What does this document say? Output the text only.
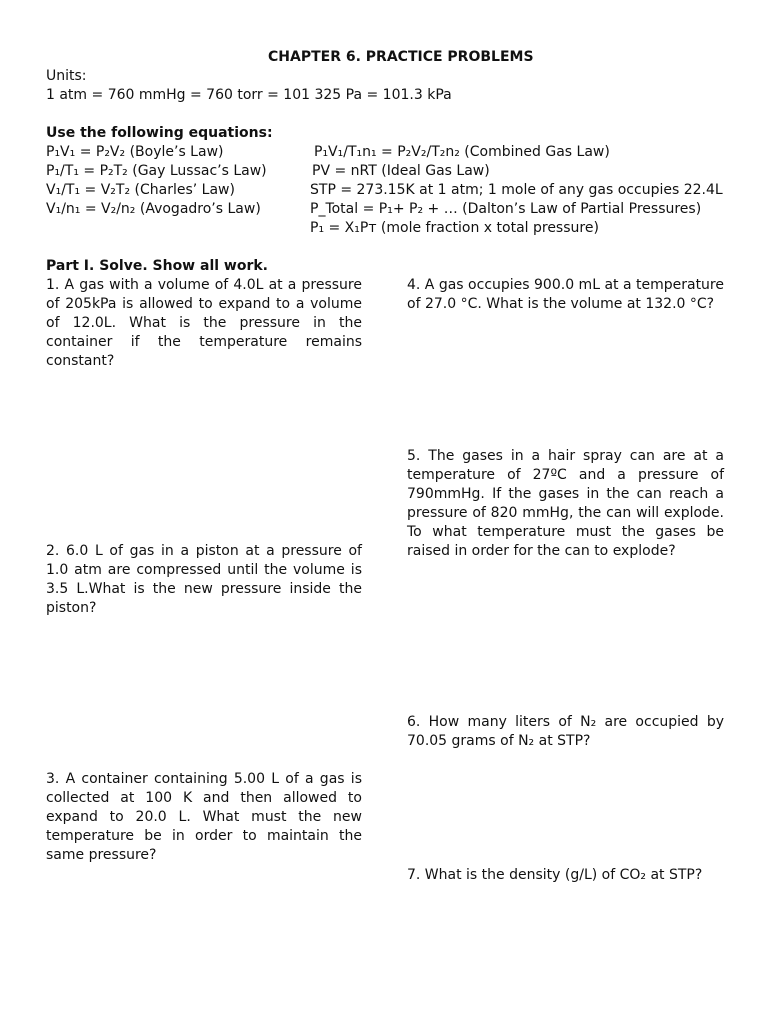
CHAPTER 6. PRACTICE PROBLEMS
Units:
1 atm = 760 mmHg = 760 torr = 101 325 Pa = 101.3 kPa
Use the following equations:
P₁V₁ = P₂V₂ (Boyle’s Law)
P₁/T₁ = P₂T₂ (Gay Lussac’s Law)
V₁/T₁ = V₂T₂ (Charles’ Law)
V₁/n₁ = V₂/n₂ (Avogadro’s Law)
P₁V₁/T₁n₁ = P₂V₂/T₂n₂ (Combined Gas Law)
PV = nRT (Ideal Gas Law)
STP = 273.15K at 1 atm; 1 mole of any gas occupies 22.4L
P_Total = P₁+ P₂ + … (Dalton’s Law of Partial Pressures)
P₁ = X₁Pᴛ (mole fraction x total pressure)
Part I. Solve. Show all work.
1. A gas with a volume of 4.0L at a pressure of 205kPa is allowed to expand to a volume of 12.0L. What is the pressure in the container if the temperature remains constant?
2. 6.0 L of gas in a piston at a pressure of 1.0 atm are compressed until the volume is 3.5 L.What is the new pressure inside the piston?
3. A container containing 5.00 L of a gas is collected at 100 K and then allowed to expand to 20.0 L. What must the new temperature be in order to maintain the same pressure?
4. A gas occupies 900.0 mL at a temperature of 27.0 °C. What is the volume at 132.0 °C?
5. The gases in a hair spray can are at a temperature of 27ºC and a pressure of 790mmHg. If the gases in the can reach a pressure of 820 mmHg, the can will explode. To what temperature must the gases be raised in order for the can to explode?
6. How many liters of N₂ are occupied by 70.05 grams of N₂ at STP?
7. What is the density (g/L) of CO₂ at STP?
